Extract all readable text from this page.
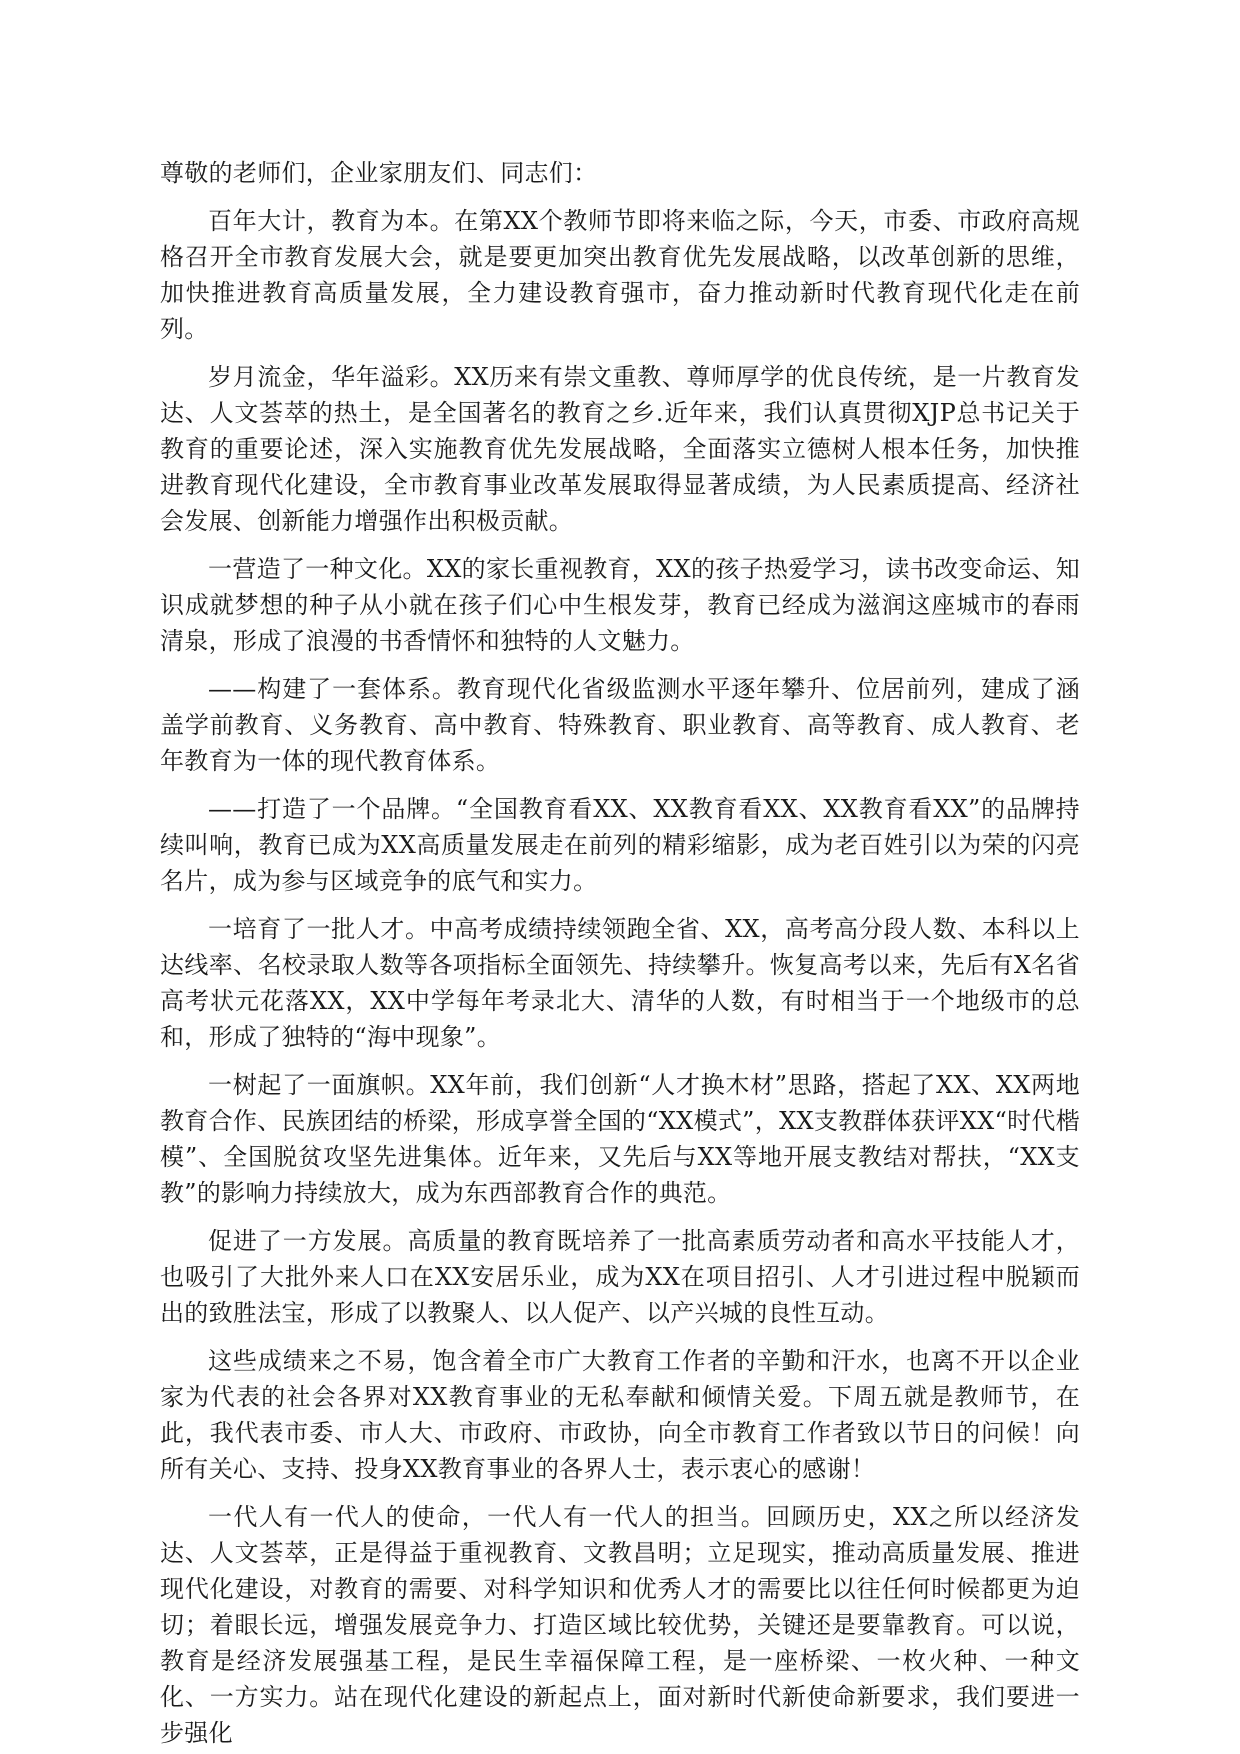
尊敬的老师们，企业家朋友们、同志们：

百年大计，教育为本。在第XX个教师节即将来临之际，今天，市委、市政府高规格召开全市教育发展大会，就是要更加突出教育优先发展战略，以改革创新的思维，加快推进教育高质量发展，全力建设教育强市，奋力推动新时代教育现代化走在前列。

岁月流金，华年溢彩。XX历来有崇文重教、尊师厚学的优良传统，是一片教育发达、人文荟萃的热土，是全国著名的教育之乡.近年来，我们认真贯彻XJP总书记关于教育的重要论述，深入实施教育优先发展战略，全面落实立德树人根本任务，加快推进教育现代化建设，全市教育事业改革发展取得显著成绩，为人民素质提高、经济社会发展、创新能力增强作出积极贡献。

一营造了一种文化。XX的家长重视教育，XX的孩子热爱学习，读书改变命运、知识成就梦想的种子从小就在孩子们心中生根发芽，教育已经成为滋润这座城市的春雨清泉，形成了浪漫的书香情怀和独特的人文魅力。

——构建了一套体系。教育现代化省级监测水平逐年攀升、位居前列，建成了涵盖学前教育、义务教育、高中教育、特殊教育、职业教育、高等教育、成人教育、老年教育为一体的现代教育体系。

——打造了一个品牌。“全国教育看XX、XX教育看XX、XX教育看XX”的品牌持续叫响，教育已成为XX高质量发展走在前列的精彩缩影，成为老百姓引以为荣的闪亮名片，成为参与区域竞争的底气和实力。

一培育了一批人才。中高考成绩持续领跑全省、XX，高考高分段人数、本科以上达线率、名校录取人数等各项指标全面领先、持续攀升。恢复高考以来，先后有X名省高考状元花落XX，XX中学每年考录北大、清华的人数，有时相当于一个地级市的总和，形成了独特的“海中现象”。

一树起了一面旗帜。XX年前，我们创新“人才换木材”思路，搭起了XX、XX两地教育合作、民族团结的桥梁，形成享誉全国的“XX模式”，XX支教群体获评XX“时代楷模”、全国脱贫攻坚先进集体。近年来，又先后与XX等地开展支教结对帮扶，“XX支教”的影响力持续放大，成为东西部教育合作的典范。

促进了一方发展。高质量的教育既培养了一批高素质劳动者和高水平技能人才，也吸引了大批外来人口在XX安居乐业，成为XX在项目招引、人才引进过程中脱颖而出的致胜法宝，形成了以教聚人、以人促产、以产兴城的良性互动。

这些成绩来之不易，饱含着全市广大教育工作者的辛勤和汗水，也离不开以企业家为代表的社会各界对XX教育事业的无私奉献和倾情关爱。下周五就是教师节，在此，我代表市委、市人大、市政府、市政协，向全市教育工作者致以节日的问候！向所有关心、支持、投身XX教育事业的各界人士，表示衷心的感谢！

一代人有一代人的使命，一代人有一代人的担当。回顾历史，XX之所以经济发达、人文荟萃，正是得益于重视教育、文教昌明；立足现实，推动高质量发展、推进现代化建设，对教育的需要、对科学知识和优秀人才的需要比以往任何时候都更为迫切；着眼长远，增强发展竞争力、打造区域比较优势，关键还是要靠教育。可以说，教育是经济发展强基工程，是民生幸福保障工程，是一座桥梁、一枚火种、一种文化、一方实力。站在现代化建设的新起点上，面对新时代新使命新要求，我们要进一步强化
